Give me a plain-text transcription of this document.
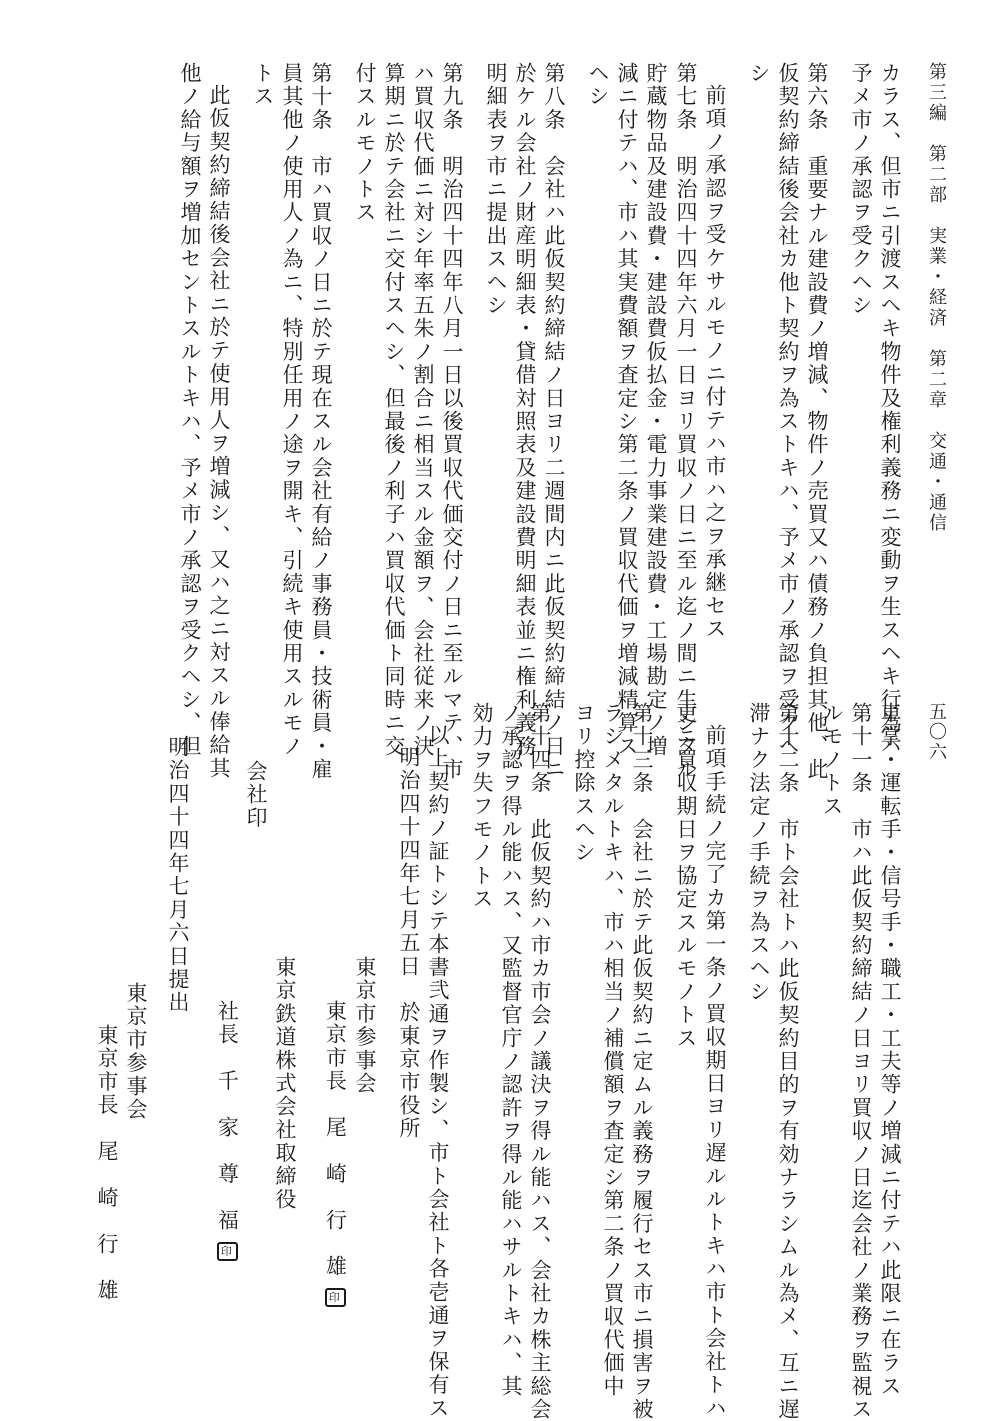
第三編　第二部　実業・経済　第二章　交通・通信
五〇六
カラス、但市ニ引渡スヘキ物件及権利義務ニ変動ヲ生スヘキ行為ハ
予メ市ノ承認ヲ受クヘシ
第六条　重要ナル建設費ノ増減、物件ノ売買又ハ債務ノ負担其他、此
仮契約締結後会社カ他ト契約ヲ為ストキハ、予メ市ノ承認ヲ受クヘ
シ
前項ノ承認ヲ受ケサルモノニ付テハ市ハ之ヲ承継セス
第七条　明治四十四年六月一日ヨリ買収ノ日ニ至ル迄ノ間ニ生シタル
貯蔵物品及建設費・建設費仮払金・電力事業建設費・工場勘定ノ増
減ニ付テハ、市ハ其実費額ヲ査定シ第二条ノ買収代価ヲ増減精算ス
ヘシ
第八条　会社ハ此仮契約締結ノ日ヨリ二週間内ニ此仮契約締結ノ日ニ
於ケル会社ノ財産明細表・貸借対照表及建設費明細表並ニ権利義務
明細表ヲ市ニ提出スヘシ
第九条　明治四十四年八月一日以後買収代価交付ノ日ニ至ルマテ、市
ハ買収代価ニ対シ年率五朱ノ割合ニ相当スル金額ヲ、会社従来ノ決
算期ニ於テ会社ニ交付スヘシ、但最後ノ利子ハ買収代価ト同時ニ交
付スルモノトス
第十条　市ハ買収ノ日ニ於テ現在スル会社有給ノ事務員・技術員・雇
員其他ノ使用人ノ為ニ、特別任用ノ途ヲ開キ、引続キ使用スルモノ
トス
此仮契約締結後会社ニ於テ使用人ヲ増減シ、又ハ之ニ対スル俸給其
他ノ給与額ヲ増加セントスルトキハ、予メ市ノ承認ヲ受クヘシ、但
車掌・運転手・信号手・職工・工夫等ノ増減ニ付テハ此限ニ在ラス
第十一条　市ハ此仮契約締結ノ日ヨリ買収ノ日迄会社ノ業務ヲ監視ス
ルモノトス
第十二条　市ト会社トハ此仮契約目的ヲ有効ナラシムル為メ、互ニ遅
滞ナク法定ノ手続ヲ為スヘシ
前項手続ノ完了カ第一条ノ買収期日ヨリ遅ルルトキハ市ト会社トハ
更ニ買収期日ヲ協定スルモノトス
第十三条　会社ニ於テ此仮契約ニ定ムル義務ヲ履行セス市ニ損害ヲ被
ラシメタルトキハ、市ハ相当ノ補償額ヲ査定シ第二条ノ買収代価中
ヨリ控除スヘシ
第十四条　此仮契約ハ市カ市会ノ議決ヲ得ル能ハス、会社カ株主総会
ノ承認ヲ得ル能ハス、又監督官庁ノ認許ヲ得ル能ハサルトキハ、其
効力ヲ失フモノトス
以上契約ノ証トシテ本書弐通ヲ作製シ、市ト会社ト各壱通ヲ保有ス
明治四十四年七月五日　於東京市役所
東京市参事会
東京市長　尾　崎　行　雄印
東京鉄道株式会社取締役
会社印
社長　千　家　尊　福印
明治四十四年七月六日提出
東京市参事会
東京市長　尾　崎　行　雄
